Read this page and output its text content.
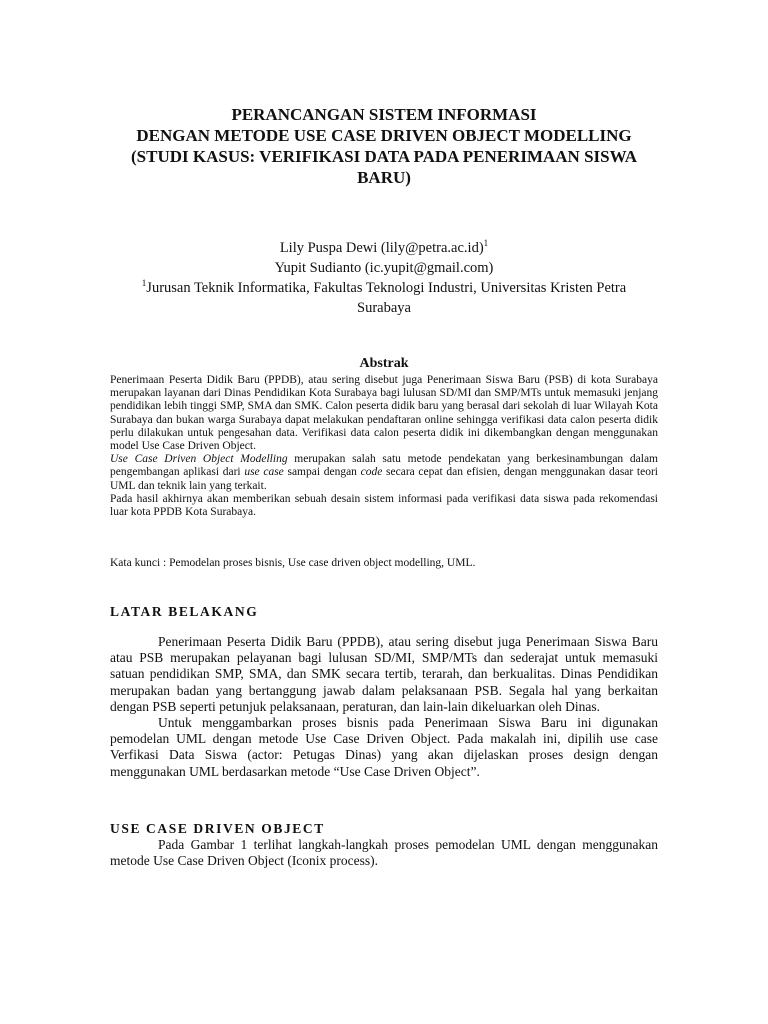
PERANCANGAN SISTEM INFORMASI
DENGAN METODE USE CASE DRIVEN OBJECT MODELLING
(STUDI KASUS: VERIFIKASI DATA PADA PENERIMAAN SISWA
BARU)
Lily Puspa Dewi (lily@petra.ac.id)$^1$
Yupit Sudianto (ic.yupit@gmail.com)
$^1$Jurusan Teknik Informatika, Fakultas Teknologi Industri, Universitas Kristen Petra
Surabaya
Abstrak

Penerimaan Peserta Didik Baru (PPDB), atau sering disebut juga Penerimaan Siswa Baru (PSB) di kota Surabaya merupakan layanan dari Dinas Pendidikan Kota Surabaya bagi lulusan SD/MI dan SMP/MTs untuk memasuki jenjang pendidikan lebih tinggi SMP, SMA dan SMK. Calon peserta didik baru yang berasal dari sekolah di luar Wilayah Kota Surabaya dan bukan warga Surabaya dapat melakukan pendaftaran online sehingga verifikasi data calon peserta didik perlu dilakukan untuk pengesahan data. Verifikasi data calon peserta didik ini dikembangkan dengan menggunakan model Use Case Driven Object.

Use Case Driven Object Modelling merupakan salah satu metode pendekatan yang berkesinambungan dalam pengembangan aplikasi dari use case sampai dengan code secara cepat dan efisien, dengan menggunakan dasar teori UML dan teknik lain yang terkait.

Pada hasil akhirnya akan memberikan sebuah desain sistem informasi pada verifikasi data siswa pada rekomendasi luar kota PPDB Kota Surabaya.

Kata kunci : Pemodelan proses bisnis, Use case driven object modelling, UML.
LATAR BELAKANG

Penerimaan Peserta Didik Baru (PPDB), atau sering disebut juga Penerimaan Siswa Baru atau PSB merupakan pelayanan bagi lulusan SD/MI, SMP/MTs dan sederajat untuk memasuki satuan pendidikan SMP, SMA, dan SMK secara tertib, terarah, dan berkualitas. Dinas Pendidikan merupakan badan yang bertanggung jawab dalam pelaksanaan PSB. Segala hal yang berkaitan dengan PSB seperti petunjuk pelaksanaan, peraturan, dan lain-lain dikeluarkan oleh Dinas.

Untuk menggambarkan proses bisnis pada Penerimaan Siswa Baru ini digunakan pemodelan UML dengan metode Use Case Driven Object. Pada makalah ini, dipilih use case Verfikasi Data Siswa (actor: Petugas Dinas) yang akan dijelaskan proses design dengan menggunakan UML berdasarkan metode “Use Case Driven Object”.

USE CASE DRIVEN OBJECT

Pada Gambar 1 terlihat langkah-langkah proses pemodelan UML dengan menggunakan metode Use Case Driven Object (Iconix process).
